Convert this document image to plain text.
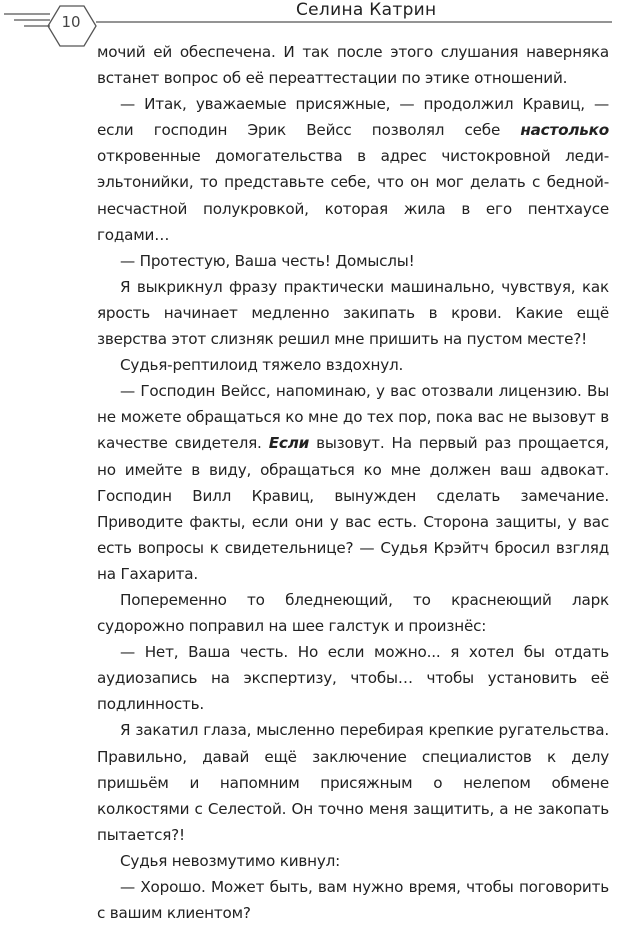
10
Селина Катрин

мочий ей обеспечена. И так после этого слушания наверняка встанет вопрос об её переаттестации по этике отношений.

— Итак, уважаемые присяжные, — продолжил Кравиц, — если господин Эрик Вейсс позволял себе настолько откровенные домогательства в адрес чистокровной леди-эльтонийки, то представьте себе, что он мог делать с бедной-несчастной полукровкой, которая жила в его пентхаусе годами…

— Протестую, Ваша честь! Домыслы!

Я выкрикнул фразу практически машинально, чувствуя, как ярость начинает медленно закипать в крови. Какие ещё зверства этот слизняк решил мне пришить на пустом месте?!

Судья-рептилоид тяжело вздохнул.

— Господин Вейсс, напоминаю, у вас отозвали лицензию. Вы не можете обращаться ко мне до тех пор, пока вас не вызовут в качестве свидетеля. Если вызовут. На первый раз прощается, но имейте в виду, обращаться ко мне должен ваш адвокат. Господин Вилл Кравиц, вынужден сделать замечание. Приводите факты, если они у вас есть. Сторона защиты, у вас есть вопросы к свидетельнице? — Судья Крэйтч бросил взгляд на Гахарита.

Попеременно то бледнеющий, то краснеющий ларк судорожно поправил на шее галстук и произнёс:

— Нет, Ваша честь. Но если можно... я хотел бы отдать аудиозапись на экспертизу, чтобы… чтобы установить её подлинность.

Я закатил глаза, мысленно перебирая крепкие ругательства. Правильно, давай ещё заключение специалистов к делу пришьём и напомним присяжным о нелепом обмене колкостями с Селестой. Он точно меня защитить, а не закопать пытается?!

Судья невозмутимо кивнул:

— Хорошо. Может быть, вам нужно время, чтобы поговорить с вашим клиентом?
